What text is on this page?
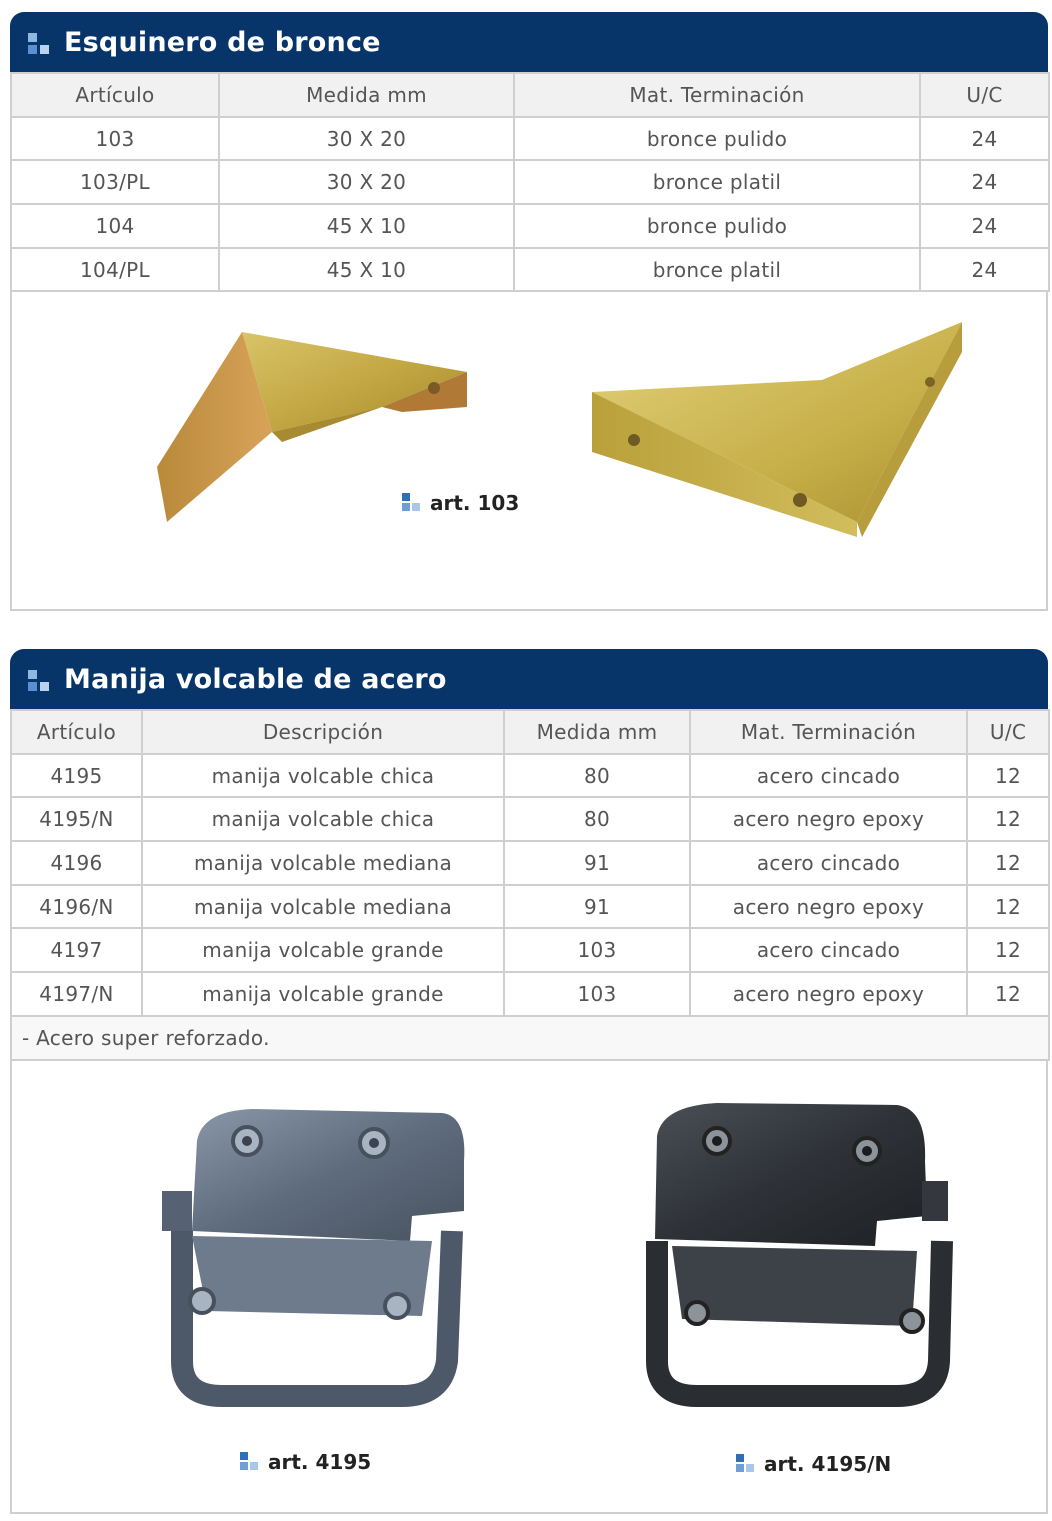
Esquinero de bronce
Artículo	Medida mm	Mat. Terminación	U/C
103	30 X 20	bronce pulido	24
103/PL	30 X 20	bronce platil	24
104	45 X 10	bronce pulido	24
104/PL	45 X 10	bronce platil	24
art. 103
Manija volcable de acero
Artículo	Descripción	Medida mm	Mat. Terminación	U/C
4195	manija volcable chica	80	acero cincado	12
4195/N	manija volcable chica	80	acero negro epoxy	12
4196	manija volcable mediana	91	acero cincado	12
4196/N	manija volcable mediana	91	acero negro epoxy	12
4197	manija volcable grande	103	acero cincado	12
4197/N	manija volcable grande	103	acero negro epoxy	12
- Acero super reforzado.				
art. 4195	art. 4195/N
